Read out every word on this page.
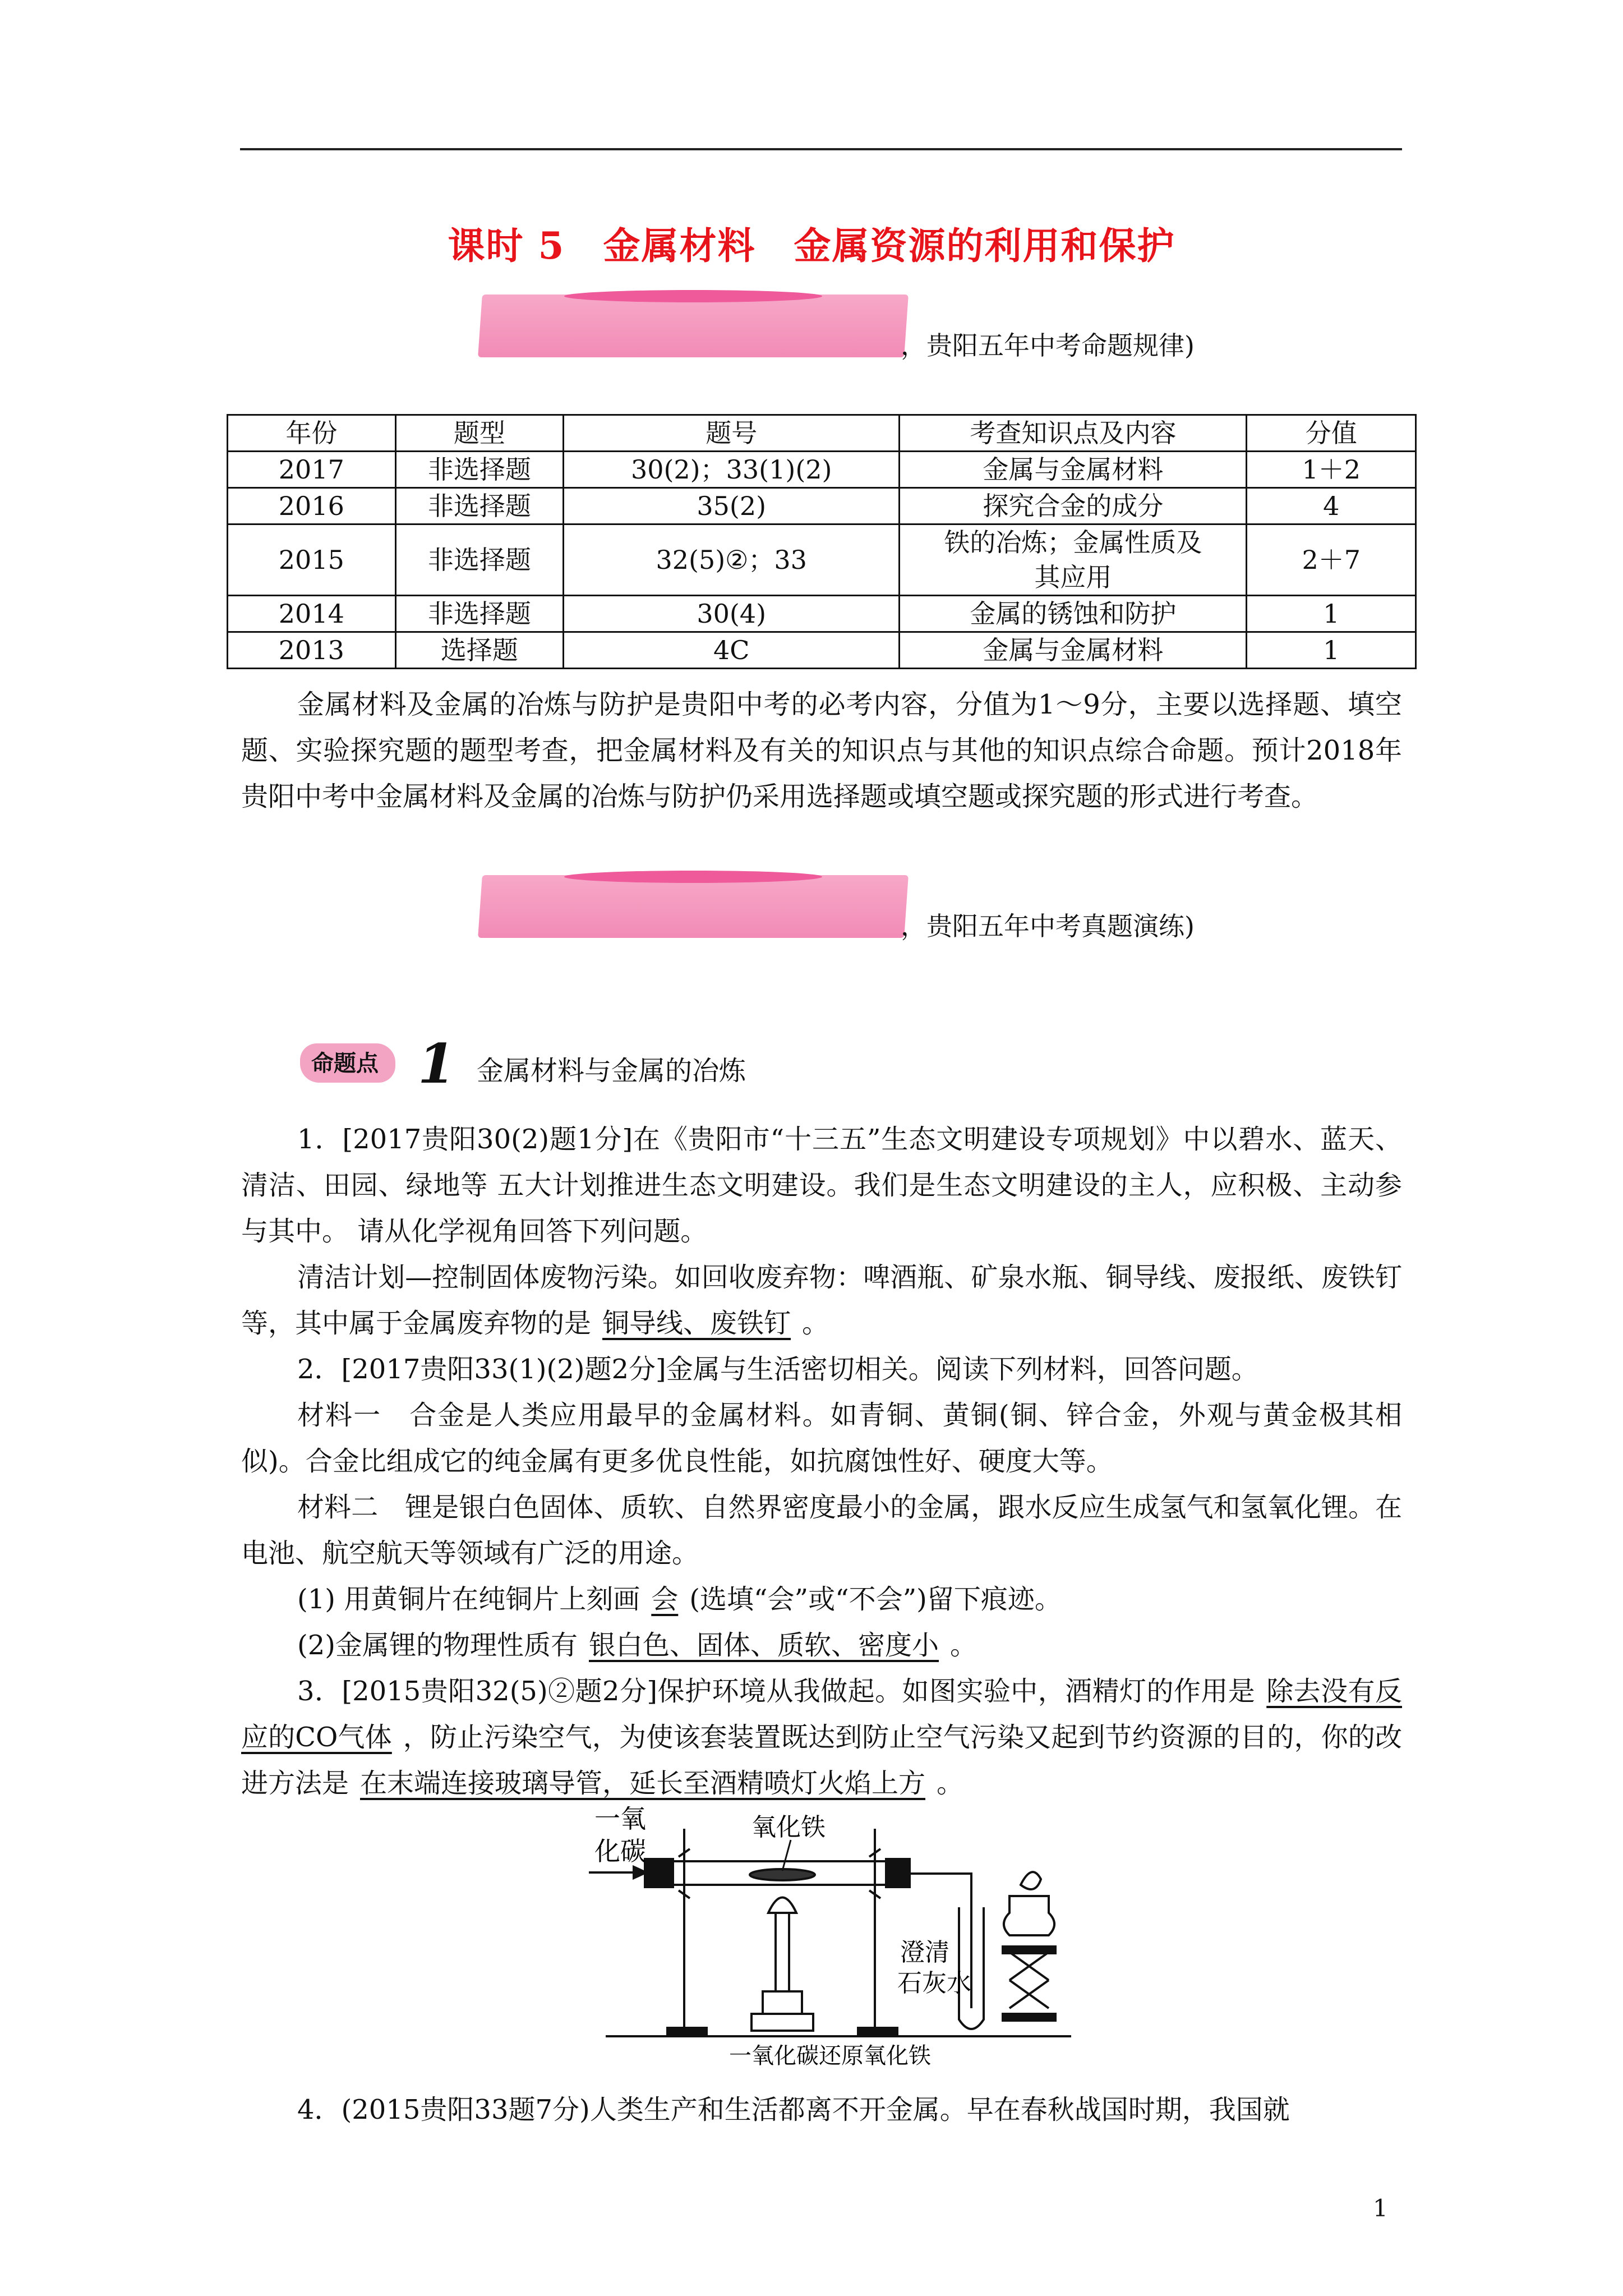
课时 5　金属材料　金属资源的利用和保护
，贵阳五年中考命题规律)
年份	题型	题号	考查知识点及内容	分值
2017	非选择题	30(2)；33(1)(2)	金属与金属材料	1＋2
2016	非选择题	35(2)	探究合金的成分	4
2015	非选择题	32(5)②；33	铁的冶炼；金属性质及其应用	2＋7
2014	非选择题	30(4)	金属的锈蚀和防护	1
2013	选择题	4C	金属与金属材料	1
金属材料及金属的冶炼与防护是贵阳中考的必考内容，分值为1～9分，主要以选择题、填空题、实验探究题的题型考查，把金属材料及有关的知识点与其他的知识点综合命题。预计2018年贵阳中考中金属材料及金属的冶炼与防护仍采用选择题或填空题或探究题的形式进行考查。
，贵阳五年中考真题演练)
命题点 1 金属材料与金属的冶炼
1．[2017贵阳30(2)题1分]在《贵阳市“十三五”生态文明建设专项规划》中以碧水、蓝天、清洁、田园、绿地等 五大计划推进生态文明建设。我们是生态文明建设的主人，应积极、主动参与其中。 请从化学视角回答下列问题。
清洁计划—控制固体废物污染。如回收废弃物：啤酒瓶、矿泉水瓶、铜导线、废报纸、废铁钉等，其中属于金属废弃物的是 铜导线、废铁钉 。
2．[2017贵阳33(1)(2)题2分]金属与生活密切相关。阅读下列材料，回答问题。
材料一　合金是人类应用最早的金属材料。如青铜、黄铜(铜、锌合金，外观与黄金极其相似)。合金比组成它的纯金属有更多优良性能，如抗腐蚀性好、硬度大等。
材料二　锂是银白色固体、质软、自然界密度最小的金属，跟水反应生成氢气和氢氧化锂。在电池、航空航天等领域有广泛的用途。
(1) 用黄铜片在纯铜片上刻画 会 (选填“会”或“不会”)留下痕迹。
(2)金属锂的物理性质有 银白色、固体、质软、密度小 。
3．[2015贵阳32(5)②题2分]保护环境从我做起。如图实验中，酒精灯的作用是 除去没有反应的CO气体 ，防止污染空气，为使该套装置既达到防止空气污染又起到节约资源的目的，你的改进方法是 在末端连接玻璃导管，延长至酒精喷灯火焰上方 。
一氧
化碳
氧化铁
澄清
石灰水
一氧化碳还原氧化铁
4．(2015贵阳33题7分)人类生产和生活都离不开金属。早在春秋战国时期，我国就
1
